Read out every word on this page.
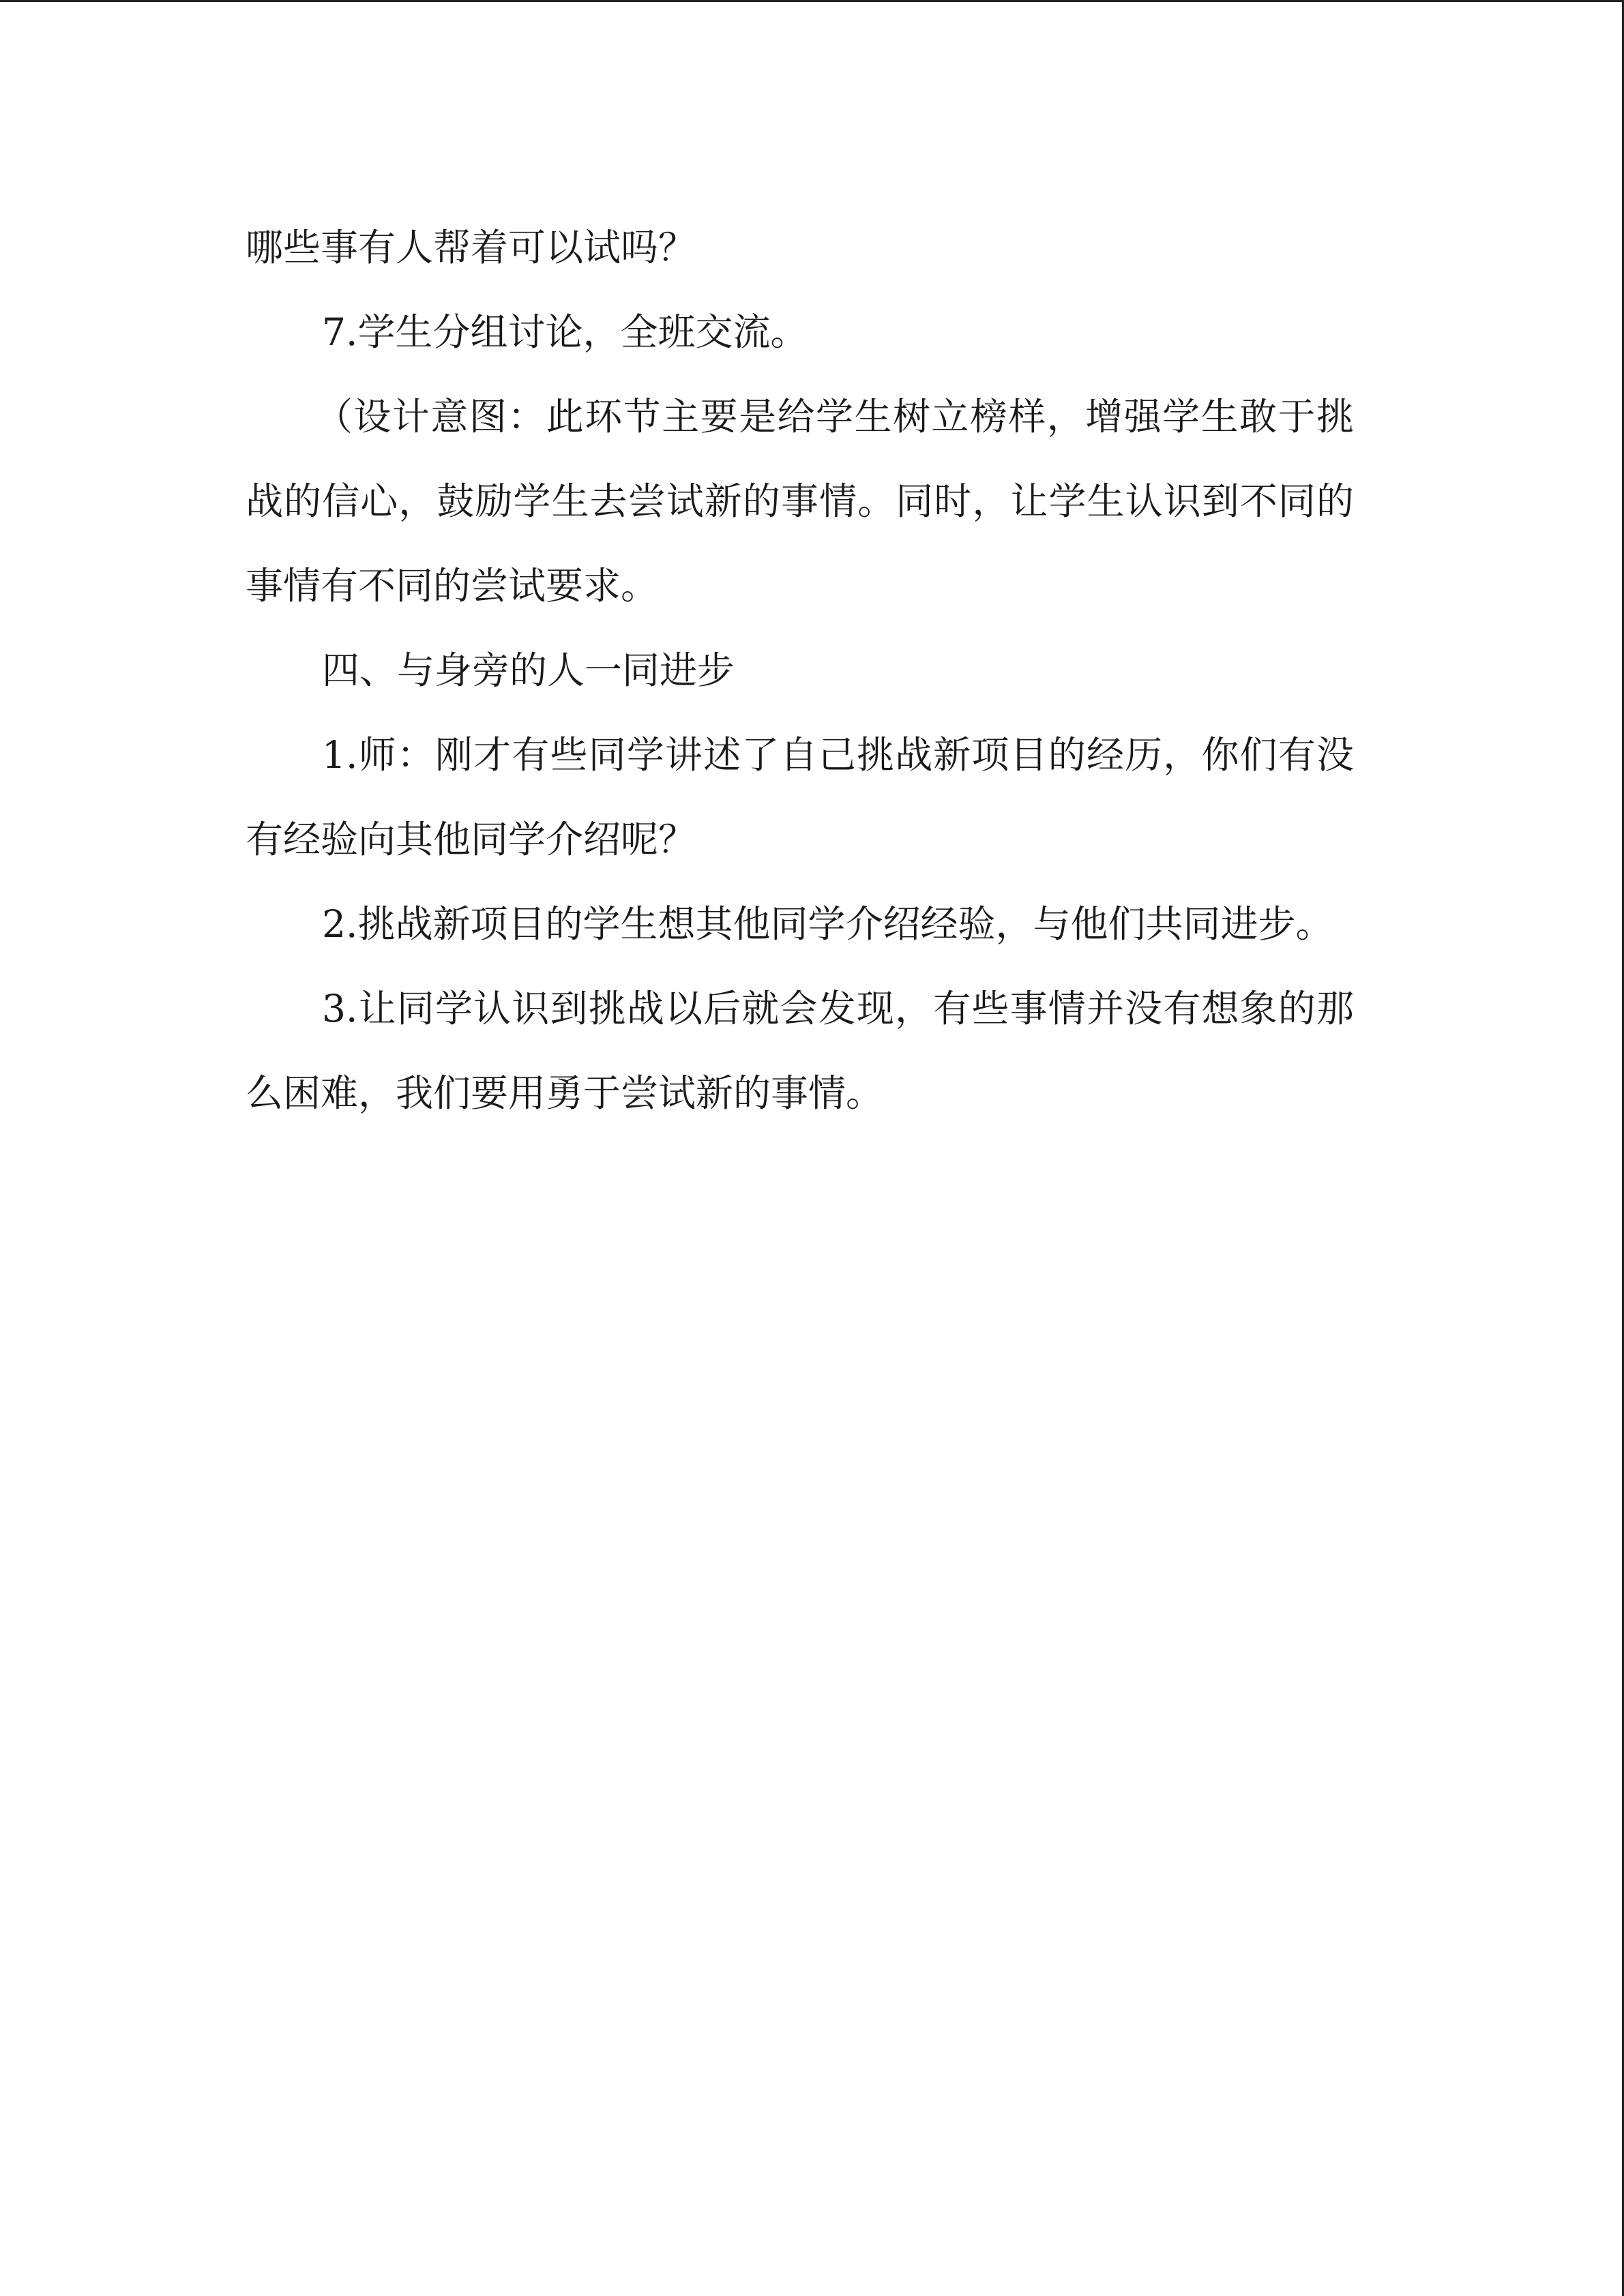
哪些事有人帮着可以试吗？

7.学生分组讨论，全班交流。

（设计意图：此环节主要是给学生树立榜样，增强学生敢于挑战的信心，鼓励学生去尝试新的事情。同时，让学生认识到不同的事情有不同的尝试要求。

四、与身旁的人一同进步

1.师：刚才有些同学讲述了自己挑战新项目的经历，你们有没有经验向其他同学介绍呢？

2.挑战新项目的学生想其他同学介绍经验，与他们共同进步。

3.让同学认识到挑战以后就会发现，有些事情并没有想象的那么困难，我们要用勇于尝试新的事情。
